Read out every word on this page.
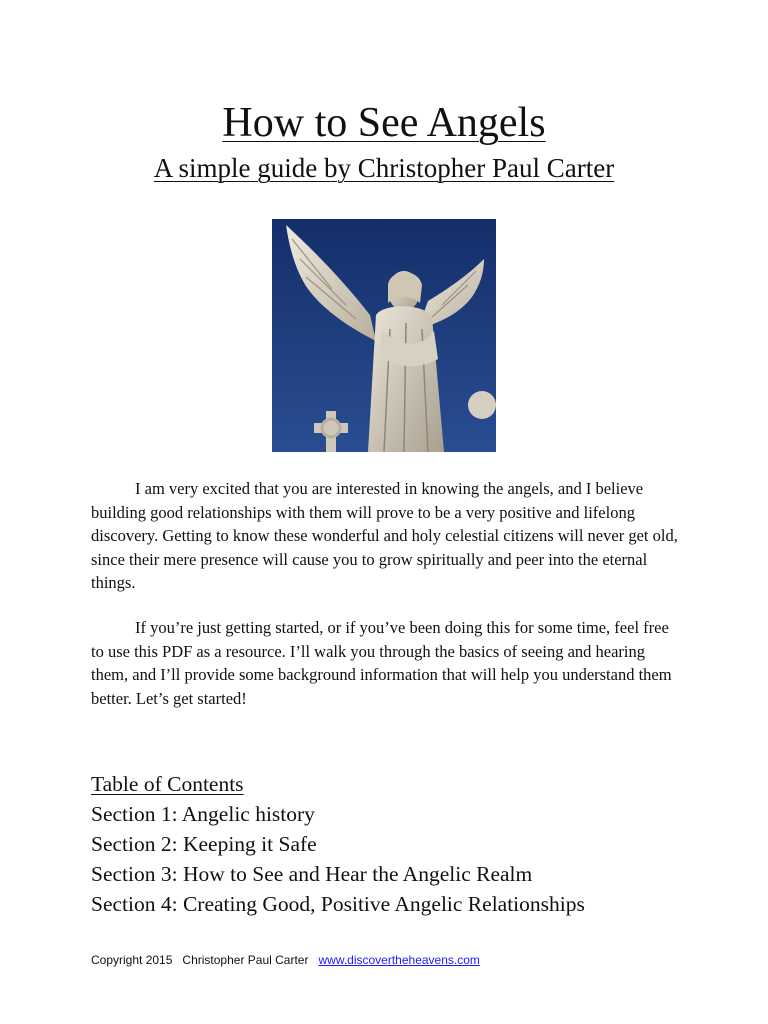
How to See Angels
A simple guide by Christopher Paul Carter

I am very excited that you are interested in knowing the angels, and I believe building good relationships with them will prove to be a very positive and lifelong discovery. Getting to know these wonderful and holy celestial citizens will never get old, since their mere presence will cause you to grow spiritually and peer into the eternal things.

If you’re just getting started, or if you’ve been doing this for some time, feel free to use this PDF as a resource. I’ll walk you through the basics of seeing and hearing them, and I’ll provide some background information that will help you understand them better. Let’s get started!

Table of Contents
Section 1: Angelic history
Section 2: Keeping it Safe
Section 3: How to See and Hear the Angelic Realm
Section 4: Creating Good, Positive Angelic Relationships
Copyright 2015 Christopher Paul Carter www.discovertheheavens.com
